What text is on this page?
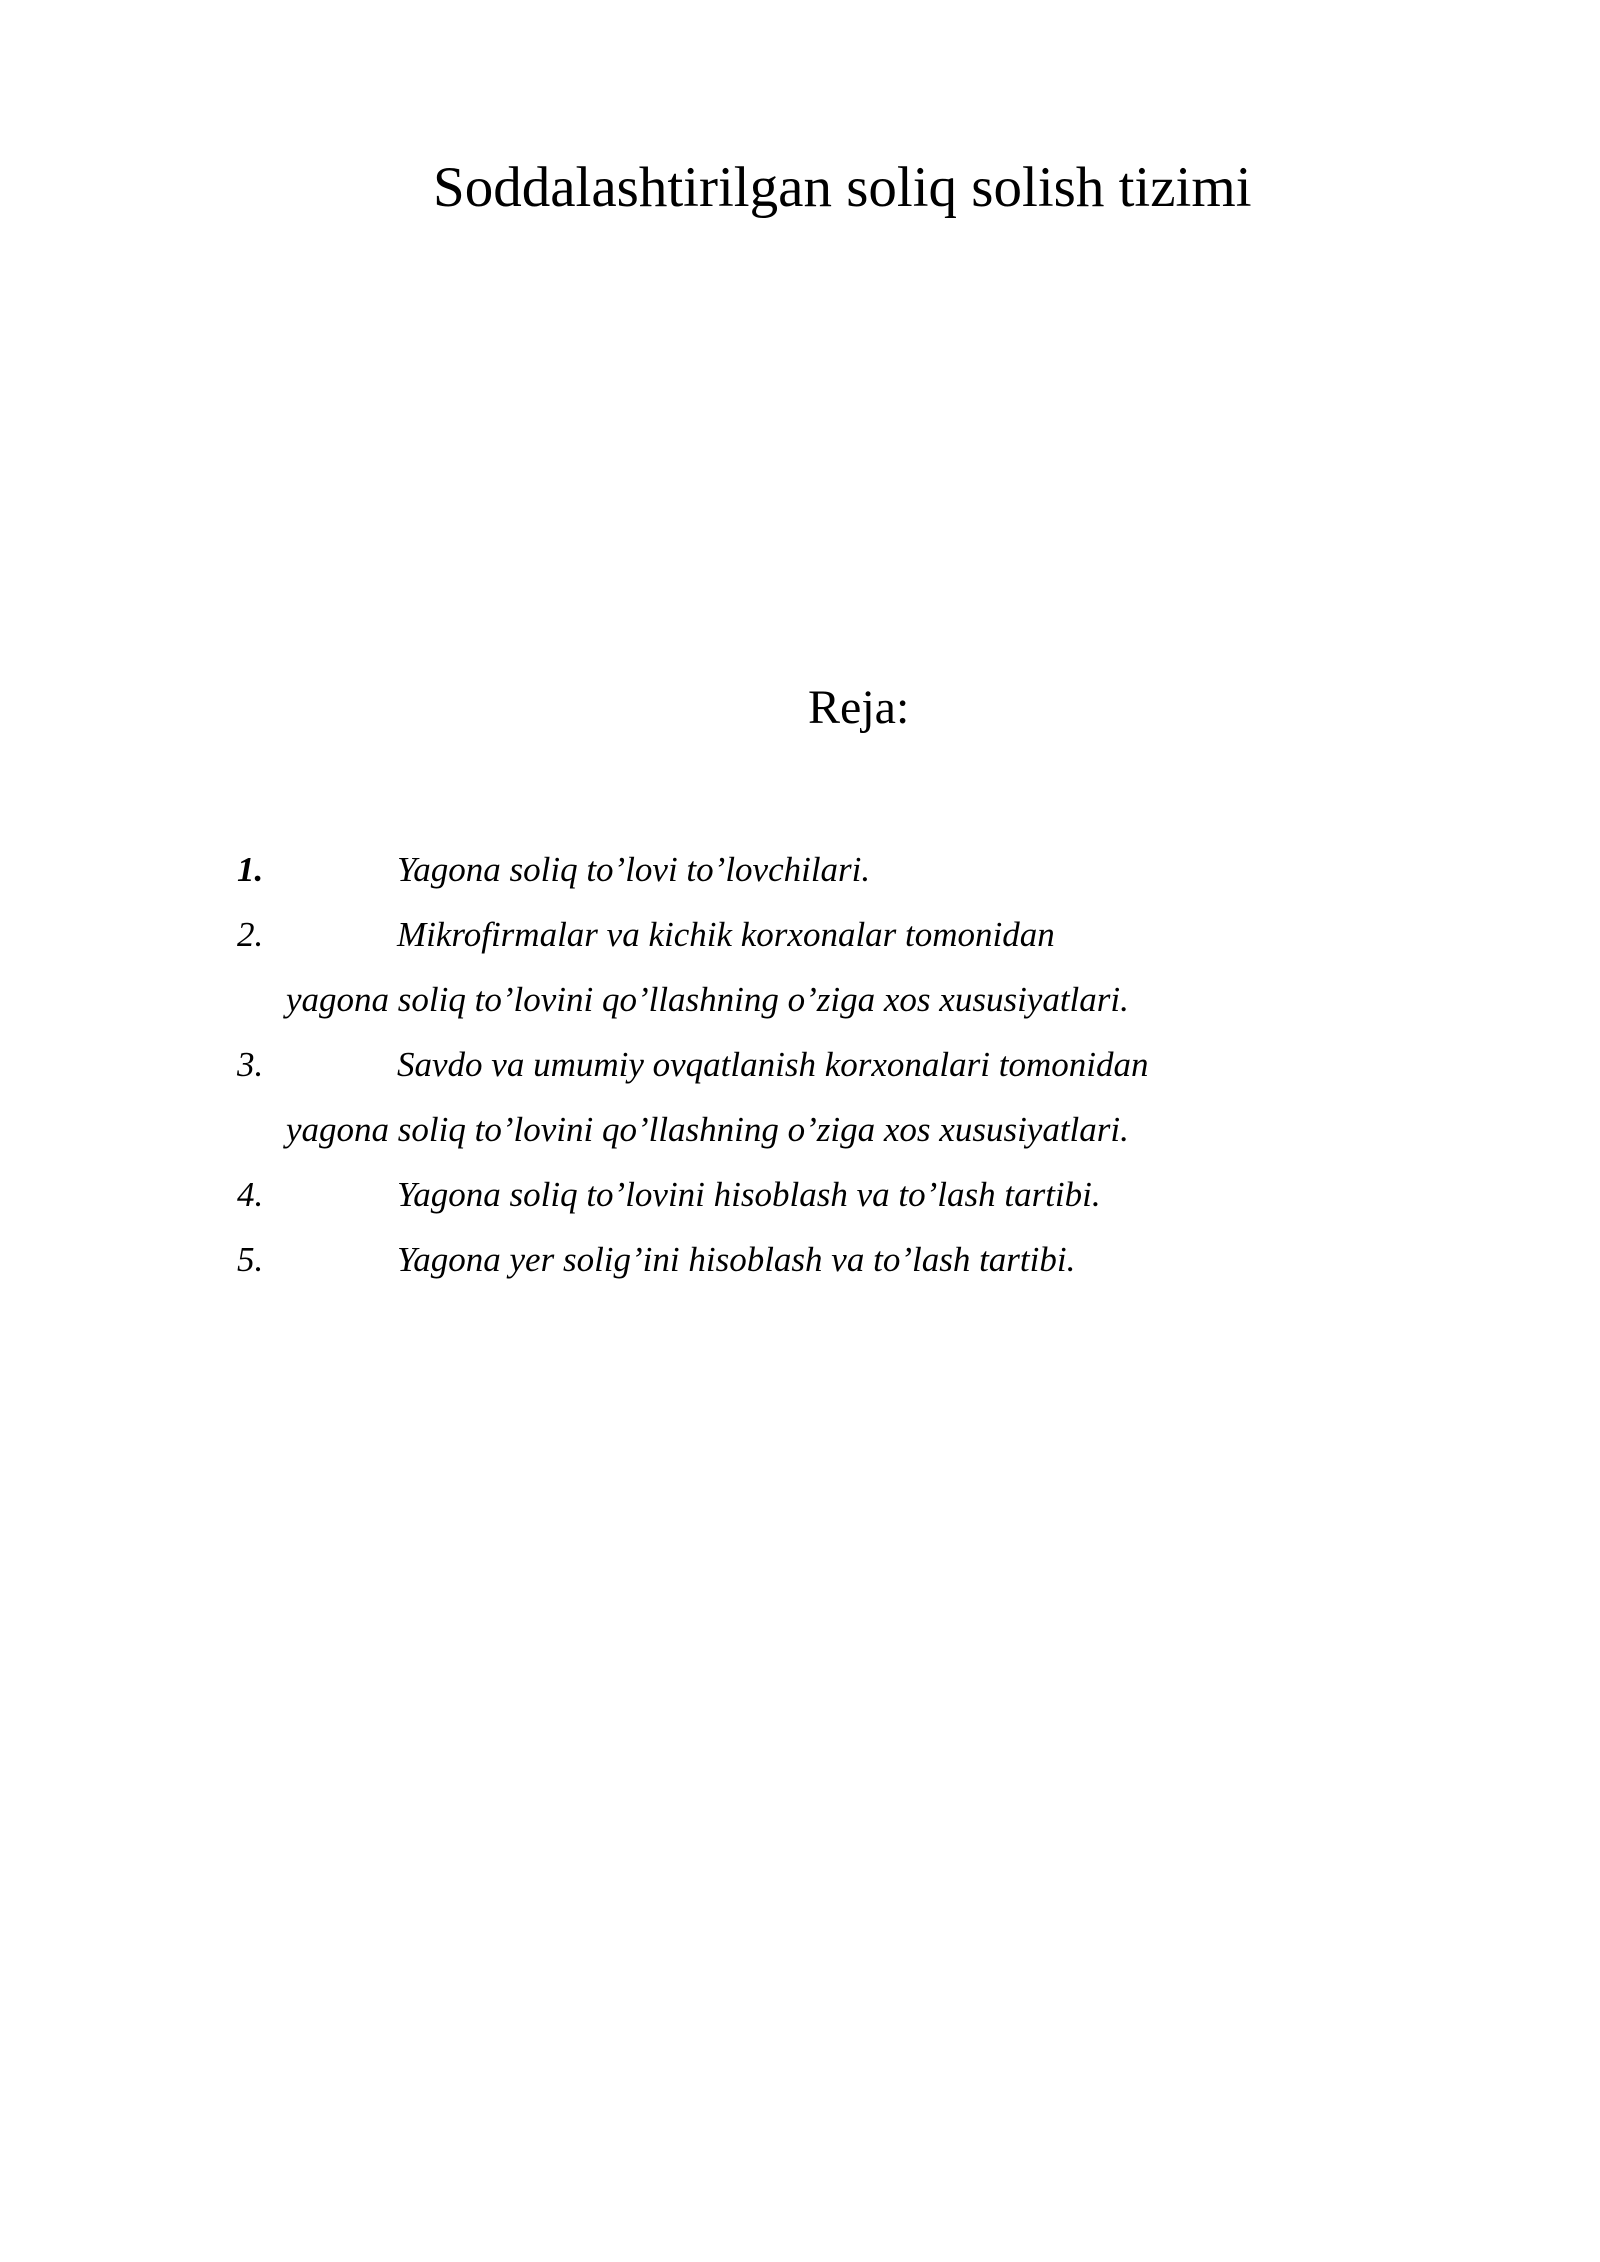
Soddalashtirilgan soliq solish tizimi
Reja:
1.	Yagona soliq to’lovi to’lovchilari.
2.	Mikrofirmalar va kichik korxonalar tomonidan
yagona soliq to’lovini qo’llashning o’ziga xos xususiyatlari.
3.	Savdo va umumiy ovqatlanish korxonalari tomonidan
yagona soliq to’lovini qo’llashning o’ziga xos xususiyatlari.
4.	Yagona soliq to’lovini hisoblash va to’lash tartibi.
5.	Yagona yer solig’ini hisoblash va to’lash tartibi.
